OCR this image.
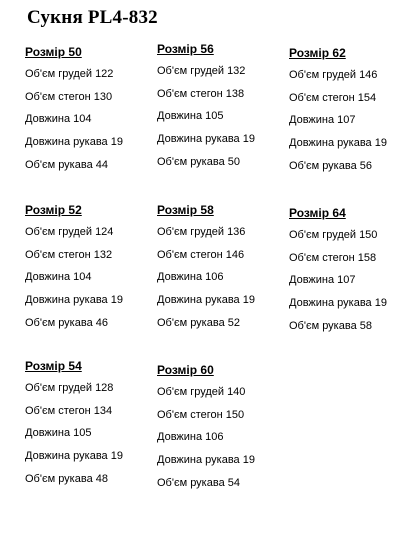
Сукня PL4-832
Розмір 50
Об'єм грудей 122
Об'єм стегон 130
Довжина 104
Довжина рукава 19
Об'єм рукава 44
Розмір 52
Об'єм грудей 124
Об'єм стегон 132
Довжина 104
Довжина рукава 19
Об'єм рукава 46
Розмір 54
Об'єм грудей 128
Об'єм стегон 134
Довжина 105
Довжина рукава 19
Об'єм рукава 48
Розмір 56
Об'єм грудей 132
Об'єм стегон 138
Довжина 105
Довжина рукава 19
Об'єм рукава 50
Розмір 58
Об'єм грудей 136
Об'єм стегон 146
Довжина 106
Довжина рукава 19
Об'єм рукава 52
Розмір 60
Об'єм грудей 140
Об'єм стегон 150
Довжина 106
Довжина рукава 19
Об'єм рукава 54
Розмір 62
Об'єм грудей 146
Об'єм стегон 154
Довжина 107
Довжина рукава 19
Об'єм рукава 56
Розмір 64
Об'єм грудей 150
Об'єм стегон 158
Довжина 107
Довжина рукава 19
Об'єм рукава 58
